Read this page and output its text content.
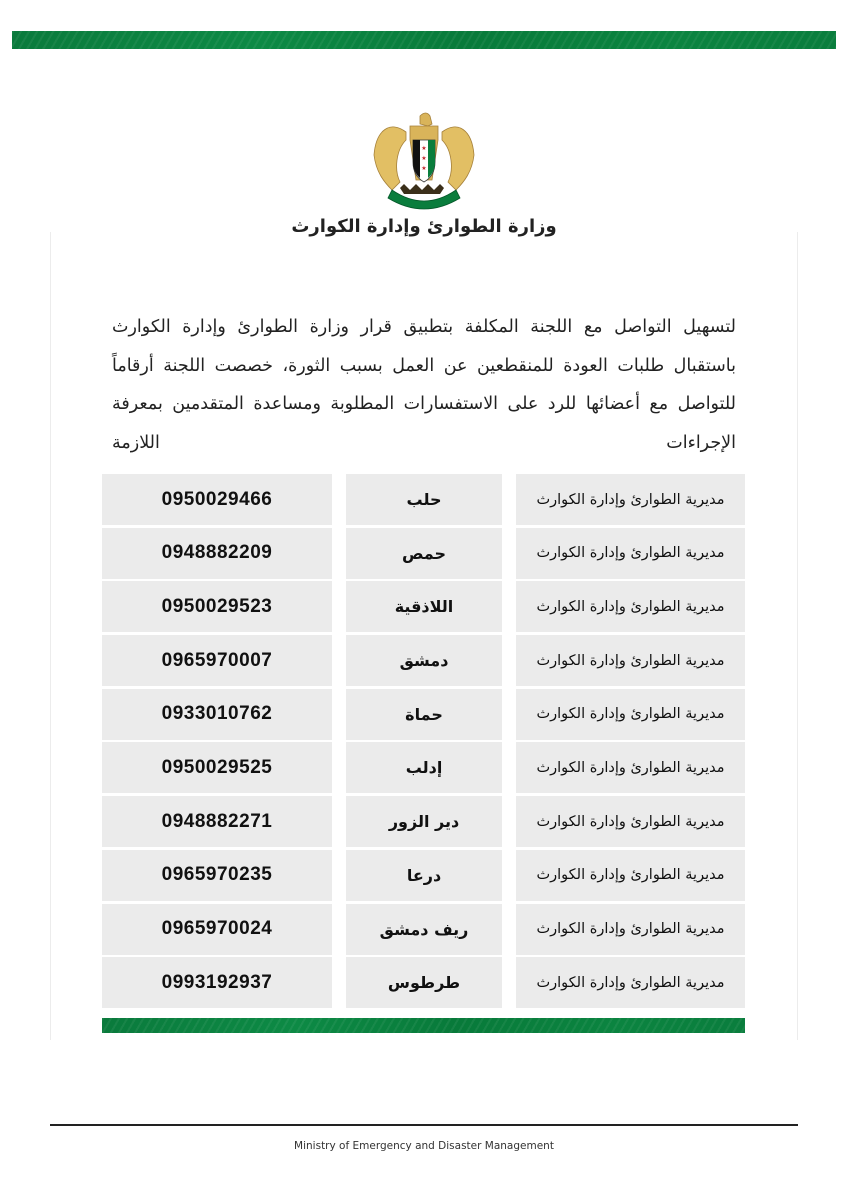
★
★
★
وزارة الطوارئ وإدارة الكوارث
لتسهيل التواصل مع اللجنة المكلفة بتطبيق قرار وزارة الطوارئ وإدارة الكوارث باستقبال طلبات العودة للمنقطعين عن العمل بسبب الثورة، خصصت اللجنة أرقاماً للتواصل مع أعضائها للرد على الاستفسارات المطلوبة ومساعدة المتقدمين بمعرفة الإجراءات اللازمة
مديرية الطوارئ وإدارة الكوارث
حلب
0950029466
مديرية الطوارئ وإدارة الكوارث
حمص
0948882209
مديرية الطوارئ وإدارة الكوارث
اللاذقية
0950029523
مديرية الطوارئ وإدارة الكوارث
دمشق
0965970007
مديرية الطوارئ وإدارة الكوارث
حماة
0933010762
مديرية الطوارئ وإدارة الكوارث
إدلب
0950029525
مديرية الطوارئ وإدارة الكوارث
دير الزور
0948882271
مديرية الطوارئ وإدارة الكوارث
درعا
0965970235
مديرية الطوارئ وإدارة الكوارث
ريف دمشق
0965970024
مديرية الطوارئ وإدارة الكوارث
طرطوس
0993192937
Ministry of Emergency and Disaster Management
